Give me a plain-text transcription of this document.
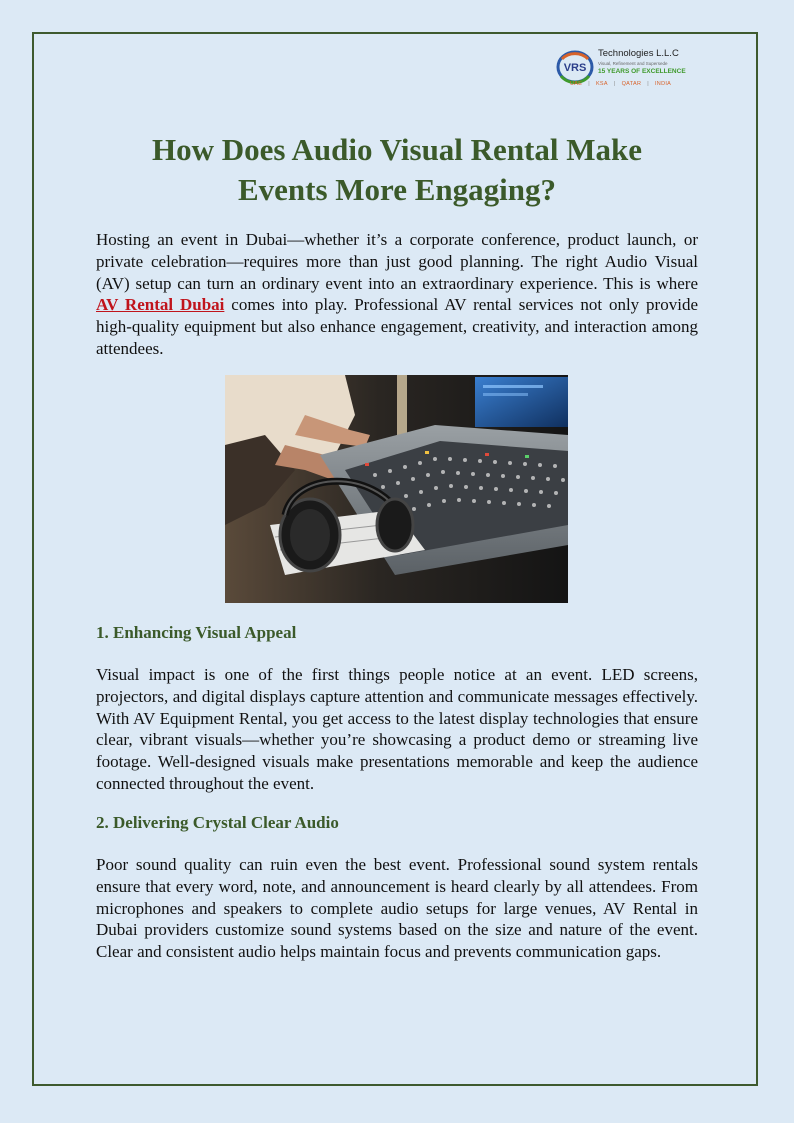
VRS
Technologies L.L.C
Visual, Refinement and Supersede
15 YEARS OF EXCELLENCE
UAE | KSA | QATAR | INDIA
How Does Audio Visual Rental Make
Events More Engaging?

Hosting an event in Dubai—whether it’s a corporate conference, product launch, or private celebration—requires more than just good planning. The right Audio Visual (AV) setup can turn an ordinary event into an extraordinary experience. This is where AV Rental Dubai comes into play. Professional AV rental services not only provide high-quality equipment but also enhance engagement, creativity, and interaction among attendees.

1. Enhancing Visual Appeal

Visual impact is one of the first things people notice at an event. LED screens, projectors, and digital displays capture attention and communicate messages effectively. With AV Equipment Rental, you get access to the latest display technologies that ensure clear, vibrant visuals—whether you’re showcasing a product demo or streaming live footage. Well-designed visuals make presentations memorable and keep the audience connected throughout the event.

2. Delivering Crystal Clear Audio

Poor sound quality can ruin even the best event. Professional sound system rentals ensure that every word, note, and announcement is heard clearly by all attendees. From microphones and speakers to complete audio setups for large venues, AV Rental in Dubai providers customize sound systems based on the size and nature of the event. Clear and consistent audio helps maintain focus and prevents communication gaps.
